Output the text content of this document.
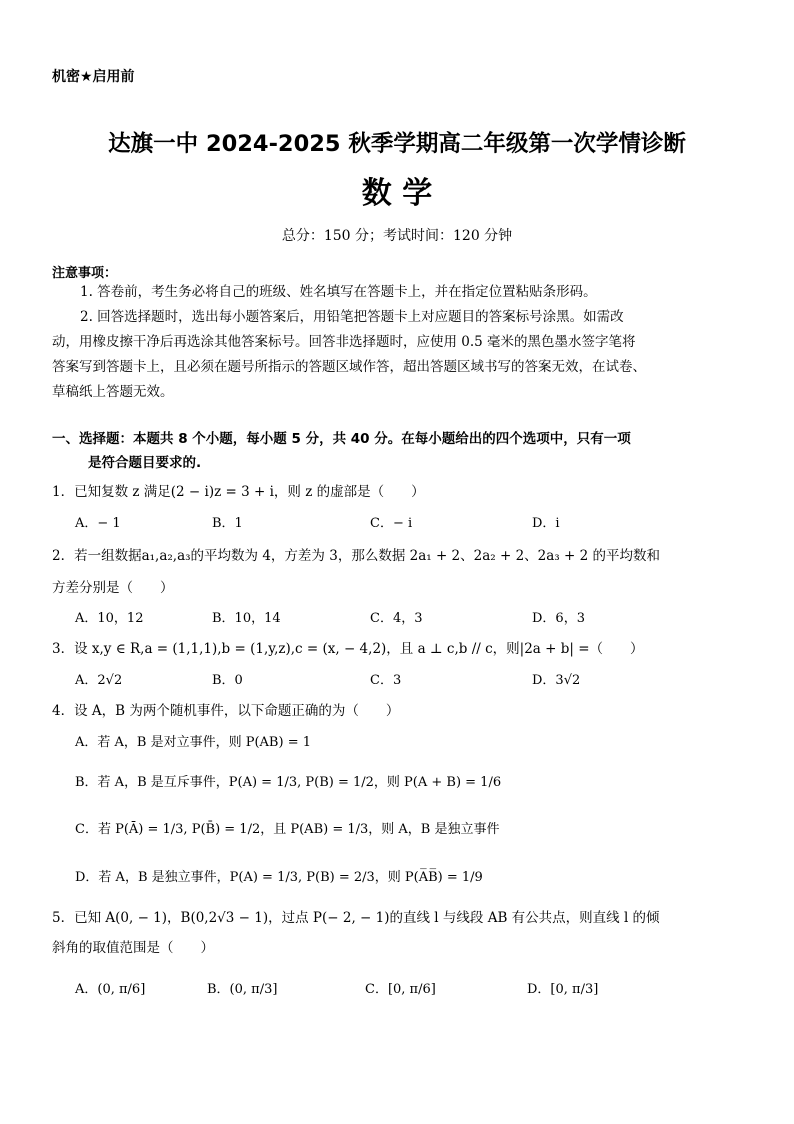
机密★启用前
达旗一中 2024-2025 秋季学期高二年级第一次学情诊断
数 学
总分：150 分；考试时间：120 分钟
注意事项：
1. 答卷前，考生务必将自己的班级、姓名填写在答题卡上，并在指定位置粘贴条形码。
2. 回答选择题时，选出每小题答案后，用铅笔把答题卡上对应题目的答案标号涂黑。如需改
动，用橡皮擦干净后再选涂其他答案标号。回答非选择题时，应使用 0.5 毫米的黑色墨水签字笔将
答案写到答题卡上，且必须在题号所指示的答题区域作答，超出答题区域书写的答案无效，在试卷、
草稿纸上答题无效。
一、选择题：本题共 8 个小题，每小题 5 分，共 40 分。在每小题给出的四个选项中，只有一项
是符合题目要求的.
1．已知复数 z 满足(2 − i)z = 3 + i，则 z 的虚部是（　　）
A．− 1	B．1	C．− i	D．i
2．若一组数据a₁,a₂,a₃的平均数为 4，方差为 3，那么数据 2a₁ + 2、2a₂ + 2、2a₃ + 2 的平均数和
方差分别是（　　）
A．10，12	B．10，14	C．4，3	D．6，3
3．设 x,y ∈ R,a = (1,1,1),b = (1,y,z),c = (x, − 4,2)，且 a ⊥ c,b // c，则|2a + b| =（　　）
A．2√2	B．0	C．3	D．3√2
4．设 A，B 为两个随机事件，以下命题正确的为（　　）
A．若 A，B 是对立事件，则 P(AB) = 1
B．若 A，B 是互斥事件，P(A) = 1/3, P(B) = 1/2，则 P(A + B) = 1/6
C．若 P(Ā) = 1/3, P(B̄) = 1/2，且 P(AB) = 1/3，则 A，B 是独立事件
D．若 A，B 是独立事件，P(A) = 1/3, P(B) = 2/3，则 P(A̅B̅) = 1/9
5．已知 A(0, − 1)，B(0,2√3 − 1)，过点 P(− 2, − 1)的直线 l 与线段 AB 有公共点，则直线 l 的倾
斜角的取值范围是（　　）
A．(0, π/6]	B．(0, π/3]	C．[0, π/6]	D．[0, π/3]
